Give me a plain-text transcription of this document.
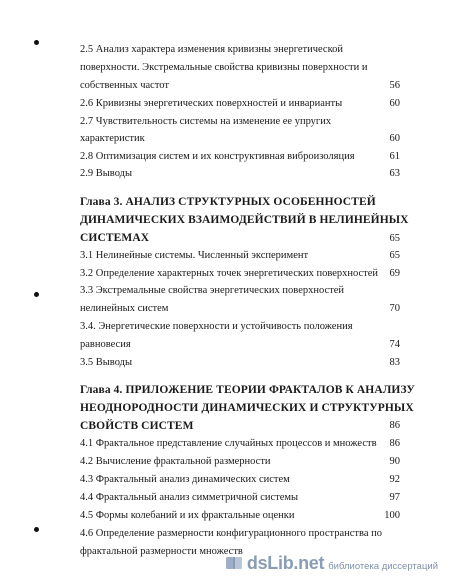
2.5 Анализ характера изменения кривизны энергетической
поверхности. Экстремальные свойства кривизны поверхности и
собственных частот	56
2.6 Кривизны энергетических поверхностей и инварианты	60
2.7 Чувствительность системы на изменение ее упругих
характеристик	60
2.8 Оптимизация систем и их конструктивная виброизоляция	61
2.9 Выводы	63
Глава 3. АНАЛИЗ СТРУКТУРНЫХ ОСОБЕННОСТЕЙ
ДИНАМИЧЕСКИХ ВЗАИМОДЕЙСТВИЙ В НЕЛИНЕЙНЫХ
СИСТЕМАХ	65
3.1 Нелинейные системы. Численный эксперимент	65
3.2 Определение характерных точек энергетических поверхностей 69
3.3 Экстремальные свойства энергетических поверхностей
нелинейных систем	70
3.4. Энергетические поверхности и устойчивость положения
равновесия	74
3.5 Выводы	83
Глава 4. ПРИЛОЖЕНИЕ ТЕОРИИ ФРАКТАЛОВ К АНАЛИЗУ
НЕОДНОРОДНОСТИ ДИНАМИЧЕСКИХ И СТРУКТУРНЫХ
СВОЙСТВ СИСТЕМ	86
4.1 Фрактальное представление случайных процессов и множеств 86
4.2 Вычисление фрактальной размерности	90
4.3 Фрактальный анализ динамических систем	92
4.4 Фрактальный анализ симметричной системы	97
4.5 Формы колебаний и их фрактальные оценки	100
4.6 Определение размерности конфигурационного пространства по
фрактальной размерности множеств
dsLib.net библиотека диссертаций
